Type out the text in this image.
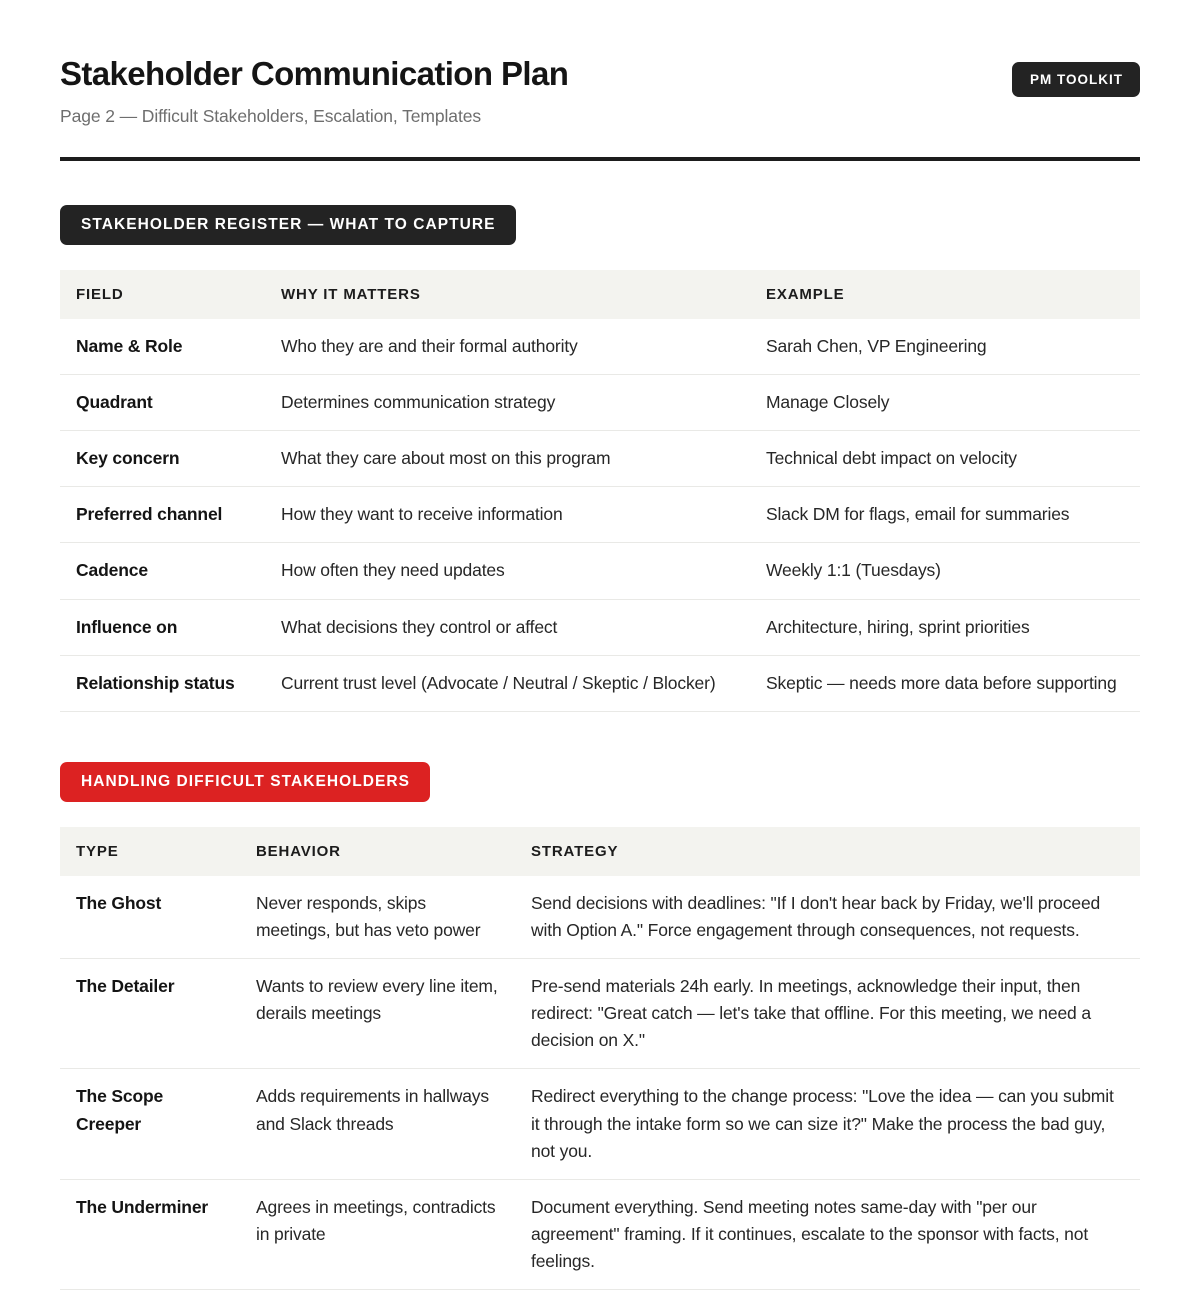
Stakeholder Communication Plan
Page 2 — Difficult Stakeholders, Escalation, Templates
PM TOOLKIT
STAKEHOLDER REGISTER — WHAT TO CAPTURE
FIELD	WHY IT MATTERS	EXAMPLE
Name & Role	Who they are and their formal authority	Sarah Chen, VP Engineering
Quadrant	Determines communication strategy	Manage Closely
Key concern	What they care about most on this program	Technical debt impact on velocity
Preferred channel	How they want to receive information	Slack DM for flags, email for summaries
Cadence	How often they need updates	Weekly 1:1 (Tuesdays)
Influence on	What decisions they control or affect	Architecture, hiring, sprint priorities
Relationship status	Current trust level (Advocate / Neutral / Skeptic / Blocker)	Skeptic — needs more data before supporting
HANDLING DIFFICULT STAKEHOLDERS
TYPE	BEHAVIOR	STRATEGY
The Ghost	Never responds, skips meetings, but has veto power	Send decisions with deadlines: "If I don't hear back by Friday, we'll proceed with Option A." Force engagement through consequences, not requests.
The Detailer	Wants to review every line item, derails meetings	Pre-send materials 24h early. In meetings, acknowledge their input, then redirect: "Great catch — let's take that offline. For this meeting, we need a decision on X."
The Scope Creeper	Adds requirements in hallways and Slack threads	Redirect everything to the change process: "Love the idea — can you submit it through the intake form so we can size it?" Make the process the bad guy, not you.
The Underminer	Agrees in meetings, contradicts in private	Document everything. Send meeting notes same-day with "per our agreement" framing. If it continues, escalate to the sponsor with facts, not feelings.
